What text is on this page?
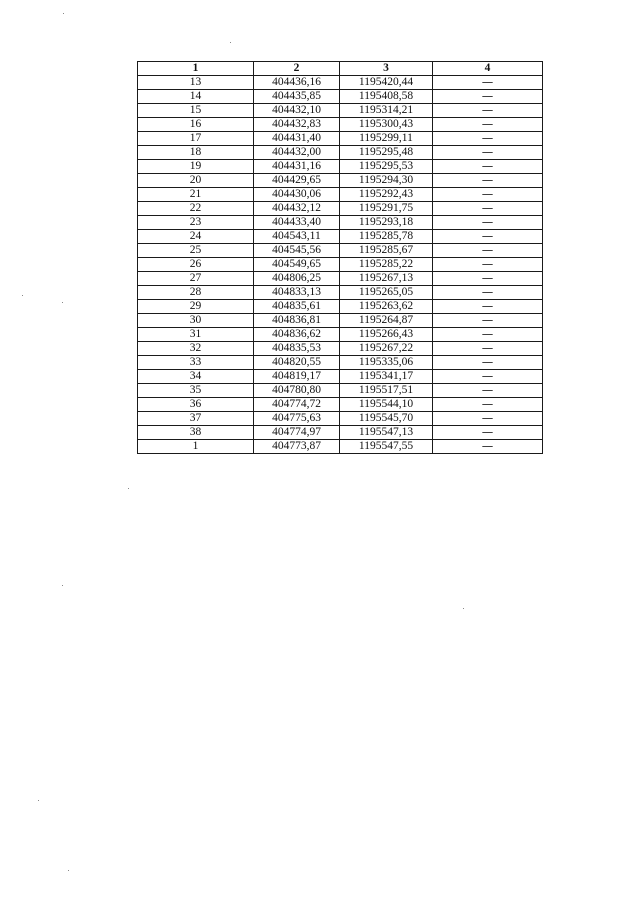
1	2	3	4
13	404436,16	1195420,44	—
14	404435,85	1195408,58	—
15	404432,10	1195314,21	—
16	404432,83	1195300,43	—
17	404431,40	1195299,11	—
18	404432,00	1195295,48	—
19	404431,16	1195295,53	—
20	404429,65	1195294,30	—
21	404430,06	1195292,43	—
22	404432,12	1195291,75	—
23	404433,40	1195293,18	—
24	404543,11	1195285,78	—
25	404545,56	1195285,67	—
26	404549,65	1195285,22	—
27	404806,25	1195267,13	—
28	404833,13	1195265,05	—
29	404835,61	1195263,62	—
30	404836,81	1195264,87	—
31	404836,62	1195266,43	—
32	404835,53	1195267,22	—
33	404820,55	1195335,06	—
34	404819,17	1195341,17	—
35	404780,80	1195517,51	—
36	404774,72	1195544,10	—
37	404775,63	1195545,70	—
38	404774,97	1195547,13	—
1	404773,87	1195547,55	—
